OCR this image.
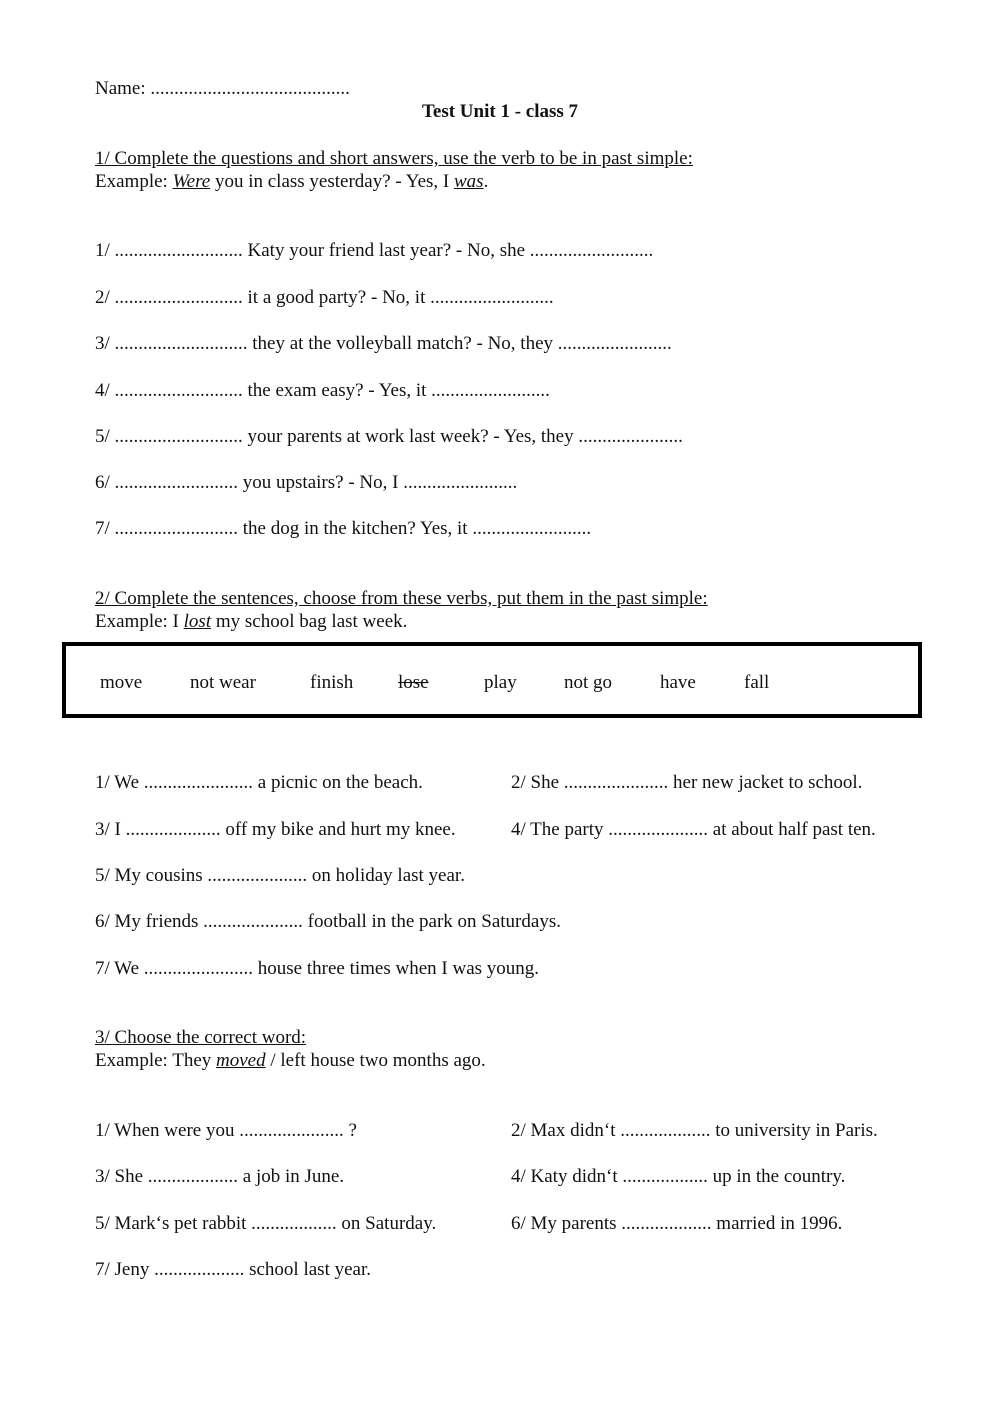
Name: ..........................................
Test Unit 1 - class 7
1/ Complete the questions and short answers, use the verb to be in past simple:
Example: Were you in class yesterday? - Yes, I was.
1/ ........................... Katy your friend last year? - No, she ..........................
2/ ........................... it a good party? - No, it ..........................
3/ ............................ they at the volleyball match? - No, they ........................
4/ ........................... the exam easy? - Yes, it .........................
5/ ........................... your parents at work last week? - Yes, they ......................
6/ .......................... you upstairs? - No, I ........................
7/ .......................... the dog in the kitchen? Yes, it .........................
2/ Complete the sentences, choose from these verbs, put them in the past simple:
Example: I lost my school bag last week.
move	not wear	finish lose	play not go	have	fall
1/ We ....................... a picnic on the beach.	2/ She ...................... her new jacket to school.
3/ I .................... off my bike and hurt my knee.	4/ The party ..................... at about half past ten.
5/ My cousins ..................... on holiday last year.
6/ My friends ..................... football in the park on Saturdays.
7/ We ....................... house three times when I was young.
3/ Choose the correct word:
Example: They moved / left house two months ago.
1/ When were you ...................... ?	2/ Max didn‘t ................... to university in Paris.
3/ She ................... a job in June.	4/ Katy didn‘t .................. up in the country.
5/ Mark‘s pet rabbit .................. on Saturday.	6/ My parents ................... married in 1996.
7/ Jeny ................... school last year.
